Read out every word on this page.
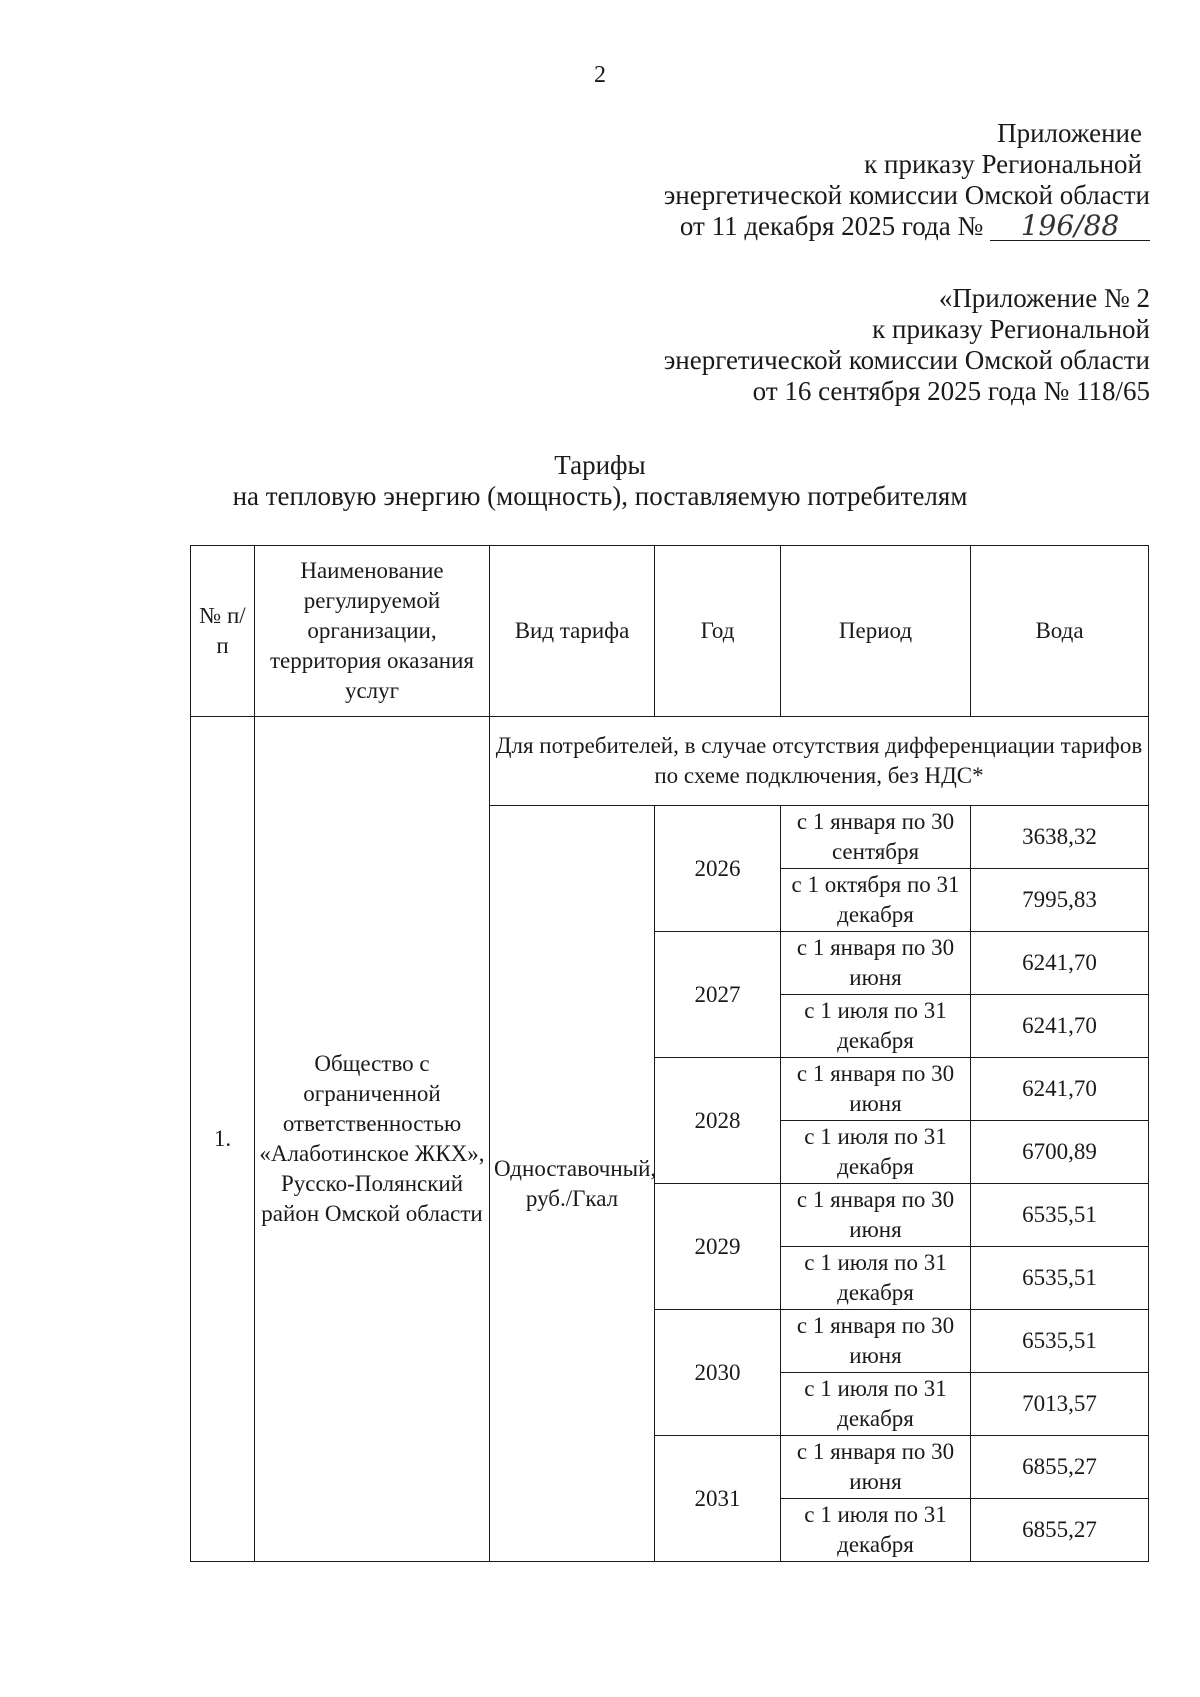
2
Приложение
к приказу Региональной
энергетической комиссии Омской области
от 11 декабря 2025 года № 196/88
«Приложение № 2
к приказу Региональной
энергетической комиссии Омской области
от 16 сентября 2025 года № 118/65
Тарифы
на тепловую энергию (мощность), поставляемую потребителям
№ п/п	Наименование регулируемой организации, территория оказания услуг	Вид тарифа	Год	Период	Вода
1.	Общество с ограниченной ответственностью «Алаботинское ЖКХ», Русско-Полянский район Омской области	Для потребителей, в случае отсутствия дифференциации тарифов по схеме подключения, без НДС*			
		Одноставочный, руб./Гкал	2026	с 1 января по 30 сентября	3638,32
				с 1 октября по 31 декабря	7995,83
			2027	с 1 января по 30 июня	6241,70
				с 1 июля по 31 декабря	6241,70
			2028	с 1 января по 30 июня	6241,70
				с 1 июля по 31 декабря	6700,89
			2029	с 1 января по 30 июня	6535,51
				с 1 июля по 31 декабря	6535,51
			2030	с 1 января по 30 июня	6535,51
				с 1 июля по 31 декабря	7013,57
			2031	с 1 января по 30 июня	6855,27
				с 1 июля по 31 декабря	6855,27
